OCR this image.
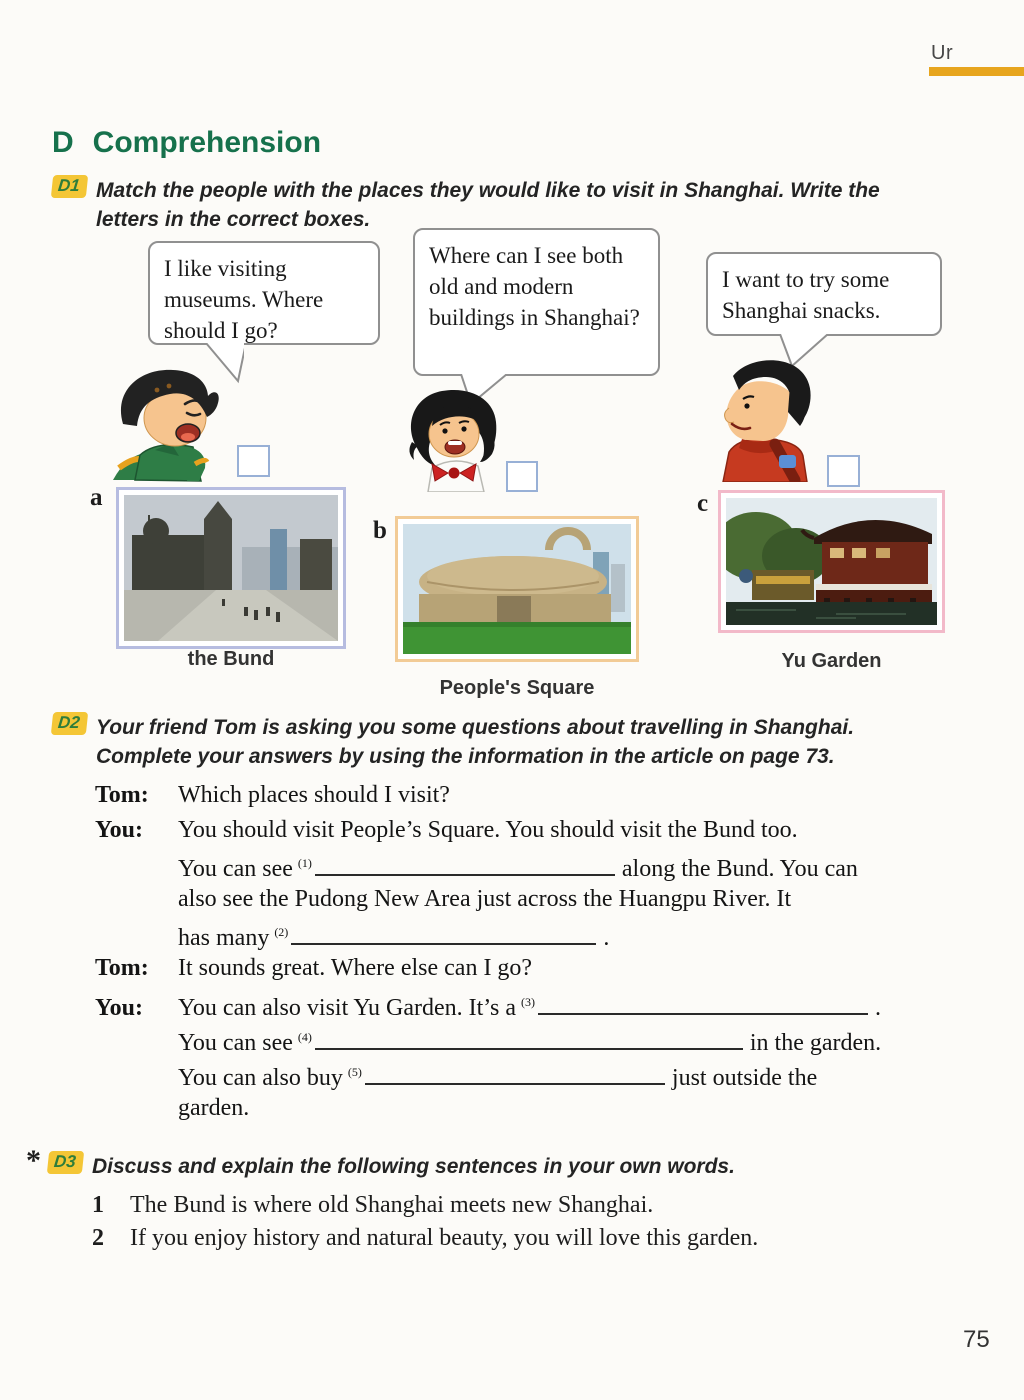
Ur
D Comprehension
D1 Match the people with the places they would like to visit in Shanghai. Write the
letters in the correct boxes.
I like visiting museums. Where should I go?
Where can I see both old and modern buildings in Shanghai?
I want to try some Shanghai snacks.
a
the Bund
b
People's Square
c
Yu Garden
D2 Your friend Tom is asking you some questions about travelling in Shanghai.
Complete your answers by using the information in the article on page 73.
Tom: Which places should I visit?
You: You should visit People’s Square. You should visit the Bund too.
You can see $^{(1)}$	along the Bund. You can
also see the Pudong New Area just across the Huangpu River. It
has many $^{(2)}$	.
Tom: It sounds great. Where else can I go?
You: You can also visit Yu Garden. It’s a $^{(3)}$	.
You can see $^{(4)}$	in the garden.
You can also buy $^{(5)}$	just outside the
garden.
* D3 Discuss and explain the following sentences in your own words.
1 The Bund is where old Shanghai meets new Shanghai.
2 If you enjoy history and natural beauty, you will love this garden.
75
